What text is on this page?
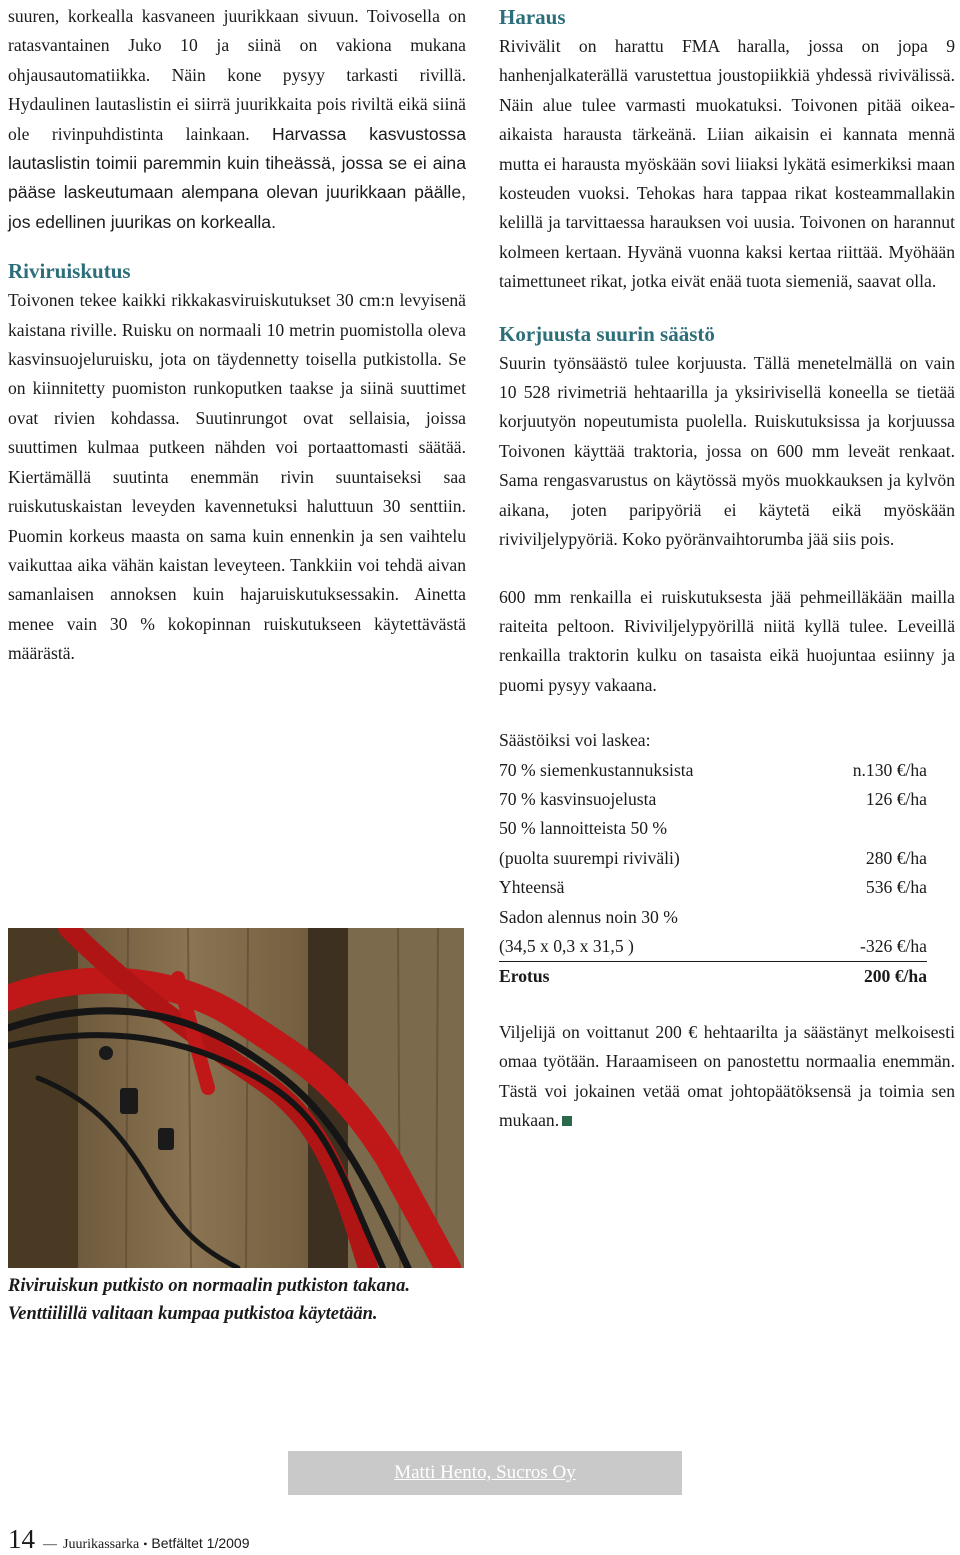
suuren, korkealla kasvaneen juurikkaan sivuun. Toivosella on ratasvantainen Juko 10 ja siinä on vakiona mukana ohjausautomatiikka. Näin kone pysyy tarkasti rivillä. Hydaulinen lautaslistin ei siirrä juurikkaita pois riviltä eikä siinä ole rivinpuhdistinta lainkaan. Harvassa kasvustossa lautaslistin toimii paremmin kuin tiheässä, jossa se ei aina pääse laskeutumaan alempana olevan juurikkaan päälle, jos edellinen juurikas on korkealla.

Riviruiskutus

Toivonen tekee kaikki rikkakasviruiskutukset 30 cm:n levyisenä kaistana riville. Ruisku on normaali 10 metrin puomistolla oleva kasvinsuojeluruisku, jota on täydennetty toisella putkistolla. Se on kiinnitetty puomiston runkoputken taakse ja siinä suuttimet ovat rivien kohdassa. Suutinrungot ovat sellaisia, joissa suuttimen kulmaa putkeen nähden voi portaattomasti säätää. Kiertämällä suutinta enemmän rivin suuntaiseksi saa ruiskutuskaistan leveyden kavennetuksi haluttuun 30 senttiin. Puomin korkeus maasta on sama kuin ennenkin ja sen vaihtelu vaikuttaa aika vähän kaistan leveyteen. Tankkiin voi tehdä aivan samanlaisen annoksen kuin hajaruiskutuksessakin. Ainetta menee vain 30 % kokopinnan ruiskutukseen käytettävästä määrästä.

Riviruiskun putkisto on normaalin putkiston takana. Venttiilillä valitaan kumpaa putkistoa käytetään.
Haraus

Rivivälit on harattu FMA haralla, jossa on jopa 9 hanhenjalkaterällä varustettua joustopiikkiä yhdessä rivivälissä. Näin alue tulee varmasti muokatuksi. Toivonen pitää oikea-aikaista harausta tärkeänä. Liian aikaisin ei kannata mennä mutta ei harausta myöskään sovi liiaksi lykätä esimerkiksi maan kosteuden vuoksi. Tehokas hara tappaa rikat kosteammallakin kelillä ja tarvittaessa harauksen voi uusia. Toivonen on harannut kolmeen kertaan. Hyvänä vuonna kaksi kertaa riittää. Myöhään taimettuneet rikat, jotka eivät enää tuota siemeniä, saavat olla.

Korjuusta suurin säästö

Suurin työnsäästö tulee korjuusta. Tällä menetelmällä on vain 10 528 rivimetriä hehtaarilla ja yksirivisellä koneella se tietää korjuutyön nopeutumista puolella. Ruiskutuksissa ja korjuussa Toivonen käyttää traktoria, jossa on 600 mm leveät renkaat. Sama rengasvarustus on käytössä myös muokkauksen ja kylvön aikana, joten paripyöriä ei käytetä eikä myöskään riviviljelypyöriä. Koko pyöränvaihtorumba jää siis pois.

600 mm renkailla ei ruiskutuksesta jää pehmeilläkään mailla raiteita peltoon. Riviviljelypyörillä niitä kyllä tulee. Leveillä renkailla traktorin kulku on tasaista eikä huojuntaa esiinny ja puomi pysyy vakaana.

Säästöiksi voi laskea:
70 % siemenkustannuksista	n.130 €/ha
70 % kasvinsuojelusta	126 €/ha
50 % lannoitteista 50 %	
(puolta suurempi riviväli)	280 €/ha
Yhteensä	536 €/ha
Sadon alennus noin 30 %	
(34,5 x 0,3 x 31,5 )	-326 €/ha
Erotus	200 €/ha

Viljelijä on voittanut 200 € hehtaarilta ja säästänyt melkoisesti omaa työtään. Haraamiseen on panostettu normaalia enemmän. Tästä voi jokainen vetää omat johtopäätöksensä ja toimia sen mukaan.

Matti Hento, Sucros Oy
14 — Juurikassarka • Betfältet 1/2009
